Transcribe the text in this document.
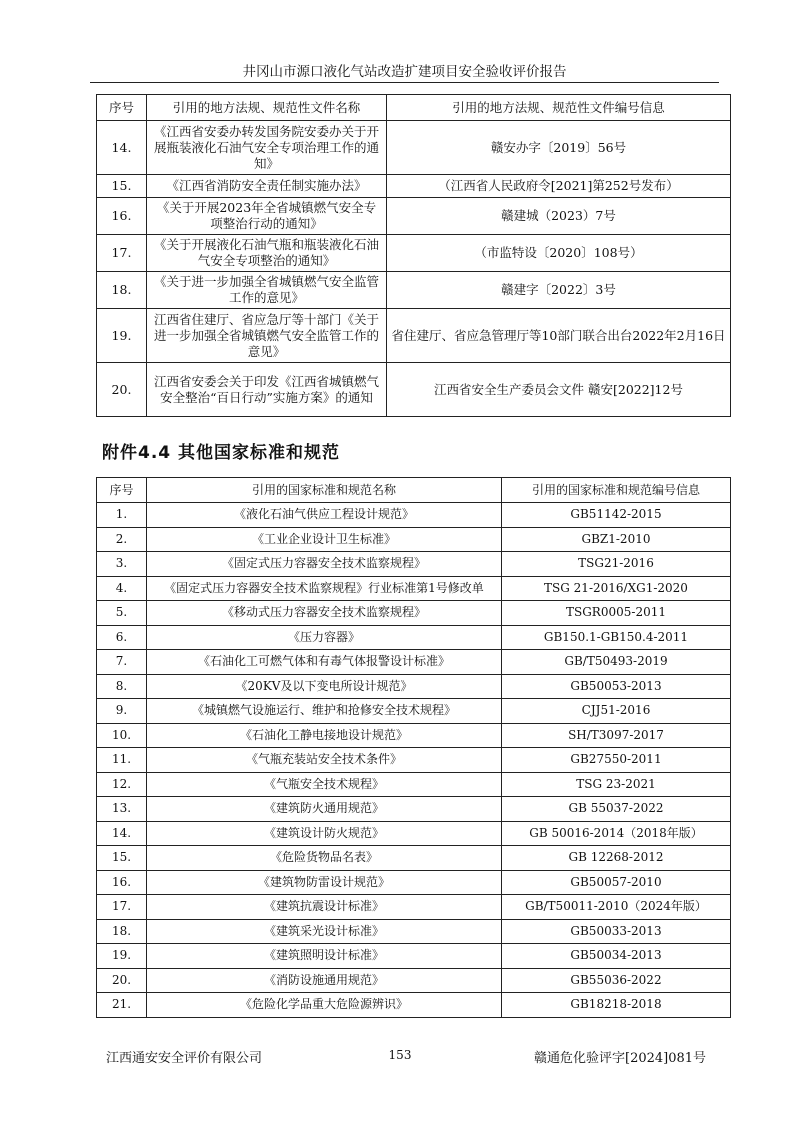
井冈山市源口液化气站改造扩建项目安全验收评价报告
序号	引用的地方法规、规范性文件名称	引用的地方法规、规范性文件编号信息
14.	《江西省安委办转发国务院安委办关于开展瓶装液化石油气安全专项治理工作的通知》	赣安办字〔2019〕56号
15.	《江西省消防安全责任制实施办法》	（江西省人民政府令[2021]第252号发布）
16.	《关于开展2023年全省城镇燃气安全专项整治行动的通知》	赣建城（2023）7号
17.	《关于开展液化石油气瓶和瓶装液化石油气安全专项整治的通知》	（市监特设〔2020〕108号）
18.	《关于进一步加强全省城镇燃气安全监管工作的意见》	赣建字〔2022〕3号
19.	江西省住建厅、省应急厅等十部门《关于进一步加强全省城镇燃气安全监管工作的意见》	省住建厅、省应急管理厅等10部门联合出台2022年2月16日
20.	江西省安委会关于印发《江西省城镇燃气安全整治“百日行动”实施方案》的通知	江西省安全生产委员会文件 赣安[2022]12号
附件4.4 其他国家标准和规范
序号	引用的国家标准和规范名称	引用的国家标准和规范编号信息
1.	《液化石油气供应工程设计规范》	GB51142-2015
2.	《工业企业设计卫生标准》	GBZ1-2010
3.	《固定式压力容器安全技术监察规程》	TSG21-2016
4.	《固定式压力容器安全技术监察规程》行业标准第1号修改单	TSG 21-2016/XG1-2020
5.	《移动式压力容器安全技术监察规程》	TSGR0005-2011
6.	《压力容器》	GB150.1-GB150.4-2011
7.	《石油化工可燃气体和有毒气体报警设计标准》	GB/T50493-2019
8.	《20KV及以下变电所设计规范》	GB50053-2013
9.	《城镇燃气设施运行、维护和抢修安全技术规程》	CJJ51-2016
10.	《石油化工静电接地设计规范》	SH/T3097-2017
11.	《气瓶充装站安全技术条件》	GB27550-2011
12.	《气瓶安全技术规程》	TSG 23-2021
13.	《建筑防火通用规范》	GB 55037-2022
14.	《建筑设计防火规范》	GB 50016-2014（2018年版）
15.	《危险货物品名表》	GB 12268-2012
16.	《建筑物防雷设计规范》	GB50057-2010
17.	《建筑抗震设计标准》	GB/T50011-2010（2024年版）
18.	《建筑采光设计标准》	GB50033-2013
19.	《建筑照明设计标准》	GB50034-2013
20.	《消防设施通用规范》	GB55036-2022
21.	《危险化学品重大危险源辨识》	GB18218-2018
江西通安安全评价有限公司	153	赣通危化验评字[2024]081号
